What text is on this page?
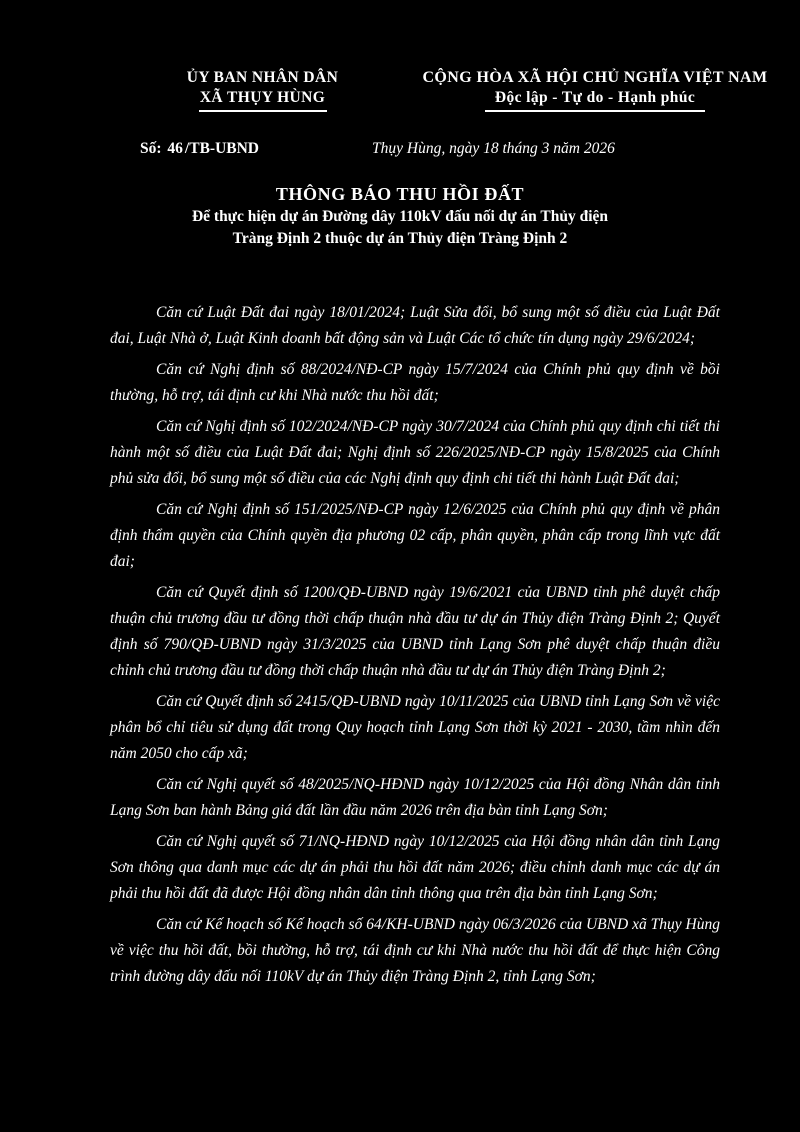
ỦY BAN NHÂN DÂN
XÃ THỤY HÙNG
CỘNG HÒA XÃ HỘI CHỦ NGHĨA VIỆT NAM
Độc lập - Tự do - Hạnh phúc
Số: 46 /TB-UBND	Thụy Hùng, ngày 18 tháng 3 năm 2026
THÔNG BÁO THU HỒI ĐẤT
Để thực hiện dự án Đường dây 110kV đấu nối dự án Thủy điện
Tràng Định 2 thuộc dự án Thủy điện Tràng Định 2

Căn cứ Luật Đất đai ngày 18/01/2024; Luật Sửa đổi, bổ sung một số điều của Luật Đất đai, Luật Nhà ở, Luật Kinh doanh bất động sản và Luật Các tổ chức tín dụng ngày 29/6/2024;

Căn cứ Nghị định số 88/2024/NĐ-CP ngày 15/7/2024 của Chính phủ quy định về bồi thường, hỗ trợ, tái định cư khi Nhà nước thu hồi đất;

Căn cứ Nghị định số 102/2024/NĐ-CP ngày 30/7/2024 của Chính phủ quy định chi tiết thi hành một số điều của Luật Đất đai; Nghị định số 226/2025/NĐ-CP ngày 15/8/2025 của Chính phủ sửa đổi, bổ sung một số điều của các Nghị định quy định chi tiết thi hành Luật Đất đai;

Căn cứ Nghị định số 151/2025/NĐ-CP ngày 12/6/2025 của Chính phủ quy định về phân định thẩm quyền của Chính quyền địa phương 02 cấp, phân quyền, phân cấp trong lĩnh vực đất đai;

Căn cứ Quyết định số 1200/QĐ-UBND ngày 19/6/2021 của UBND tỉnh phê duyệt chấp thuận chủ trương đầu tư đồng thời chấp thuận nhà đầu tư dự án Thủy điện Tràng Định 2; Quyết định số 790/QĐ-UBND ngày 31/3/2025 của UBND tỉnh Lạng Sơn phê duyệt chấp thuận điều chỉnh chủ trương đầu tư đồng thời chấp thuận nhà đầu tư dự án Thủy điện Tràng Định 2;

Căn cứ Quyết định số 2415/QĐ-UBND ngày 10/11/2025 của UBND tỉnh Lạng Sơn về việc phân bổ chỉ tiêu sử dụng đất trong Quy hoạch tỉnh Lạng Sơn thời kỳ 2021 - 2030, tầm nhìn đến năm 2050 cho cấp xã;

Căn cứ Nghị quyết số 48/2025/NQ-HĐND ngày 10/12/2025 của Hội đồng Nhân dân tỉnh Lạng Sơn ban hành Bảng giá đất lần đầu năm 2026 trên địa bàn tỉnh Lạng Sơn;

Căn cứ Nghị quyết số 71/NQ-HĐND ngày 10/12/2025 của Hội đồng nhân dân tỉnh Lạng Sơn thông qua danh mục các dự án phải thu hồi đất năm 2026; điều chỉnh danh mục các dự án phải thu hồi đất đã được Hội đồng nhân dân tỉnh thông qua trên địa bàn tỉnh Lạng Sơn;

Căn cứ Kế hoạch số Kế hoạch số 64/KH-UBND ngày 06/3/2026 của UBND xã Thụy Hùng về việc thu hồi đất, bồi thường, hỗ trợ, tái định cư khi Nhà nước thu hồi đất để thực hiện Công trình đường dây đấu nối 110kV dự án Thủy điện Tràng Định 2, tỉnh Lạng Sơn;
